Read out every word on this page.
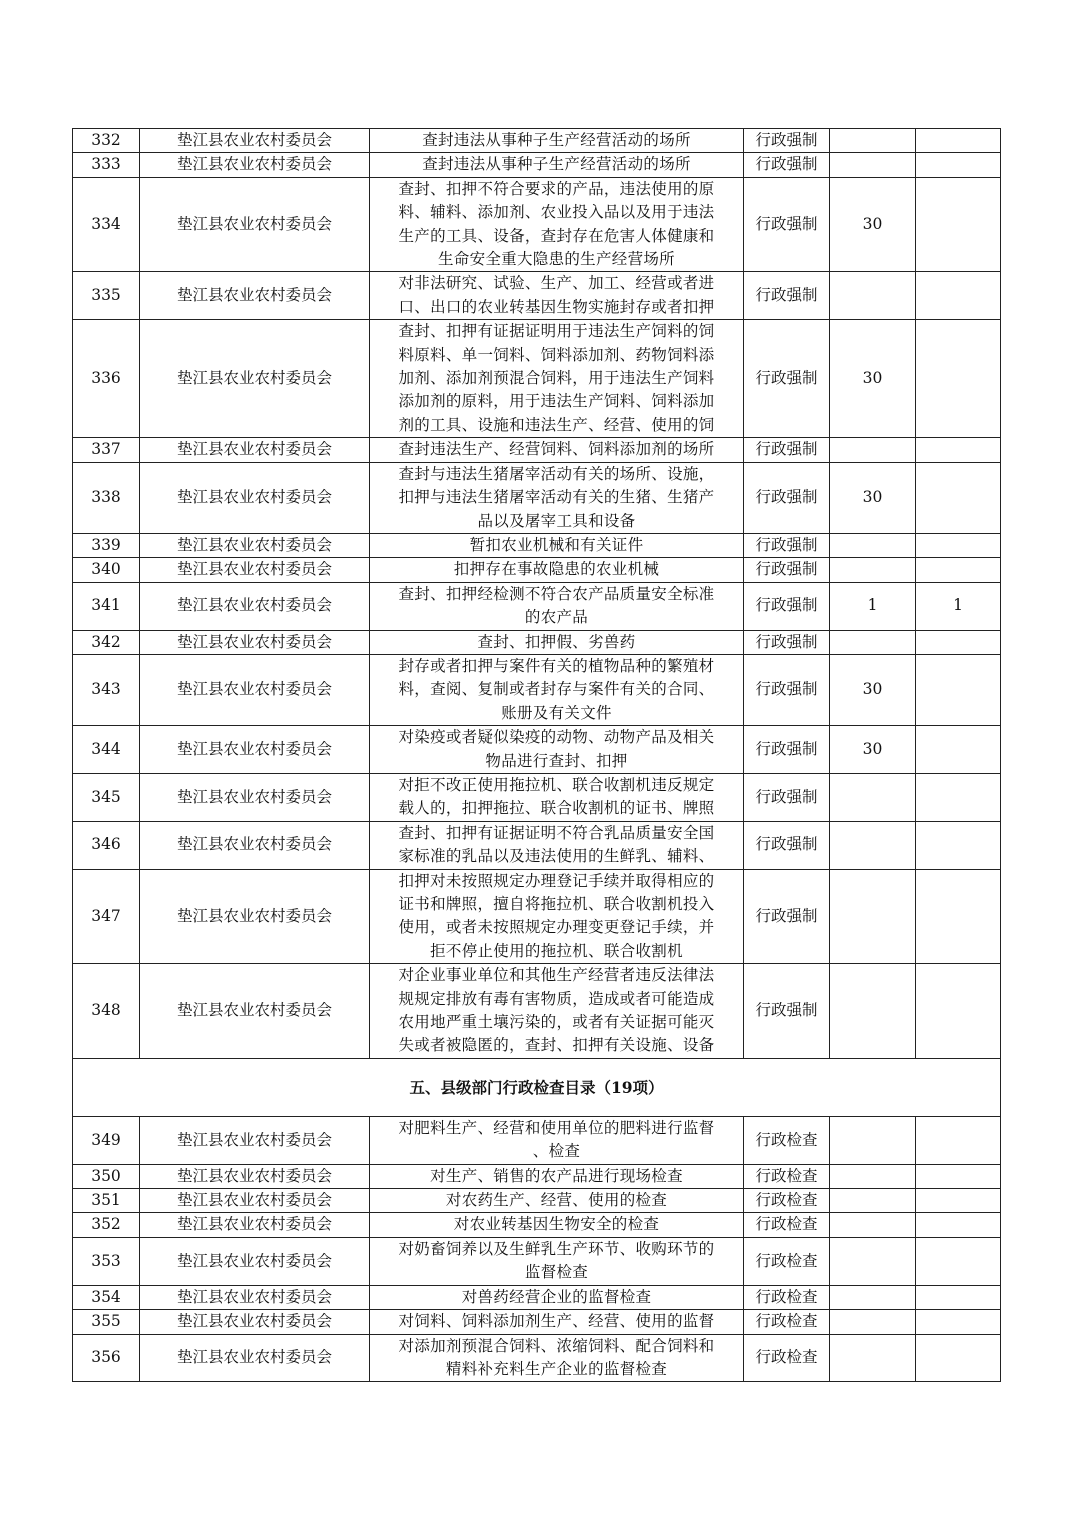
332	垫江县农业农村委员会	查封违法从事种子生产经营活动的场所	行政强制		
333	垫江县农业农村委员会	查封违法从事种子生产经营活动的场所	行政强制		
334	垫江县农业农村委员会	查封、扣押不符合要求的产品，违法使用的原
料、辅料、添加剂、农业投入品以及用于违法
生产的工具、设备，查封存在危害人体健康和
生命安全重大隐患的生产经营场所	行政强制	30	
335	垫江县农业农村委员会	对非法研究、试验、生产、加工、经营或者进
口、出口的农业转基因生物实施封存或者扣押	行政强制		
336	垫江县农业农村委员会	查封、扣押有证据证明用于违法生产饲料的饲
料原料、单一饲料、饲料添加剂、药物饲料添
加剂、添加剂预混合饲料，用于违法生产饲料
添加剂的原料，用于违法生产饲料、饲料添加
剂的工具、设施和违法生产、经营、使用的饲	行政强制	30	
337	垫江县农业农村委员会	查封违法生产、经营饲料、饲料添加剂的场所	行政强制		
338	垫江县农业农村委员会	查封与违法生猪屠宰活动有关的场所、设施，
扣押与违法生猪屠宰活动有关的生猪、生猪产
品以及屠宰工具和设备	行政强制	30	
339	垫江县农业农村委员会	暂扣农业机械和有关证件	行政强制		
340	垫江县农业农村委员会	扣押存在事故隐患的农业机械	行政强制		
341	垫江县农业农村委员会	查封、扣押经检测不符合农产品质量安全标准
的农产品	行政强制	1	1
342	垫江县农业农村委员会	查封、扣押假、劣兽药	行政强制		
343	垫江县农业农村委员会	封存或者扣押与案件有关的植物品种的繁殖材
料，查阅、复制或者封存与案件有关的合同、
账册及有关文件	行政强制	30	
344	垫江县农业农村委员会	对染疫或者疑似染疫的动物、动物产品及相关
物品进行查封、扣押	行政强制	30	
345	垫江县农业农村委员会	对拒不改正使用拖拉机、联合收割机违反规定
载人的，扣押拖拉、联合收割机的证书、牌照	行政强制		
346	垫江县农业农村委员会	查封、扣押有证据证明不符合乳品质量安全国
家标准的乳品以及违法使用的生鲜乳、辅料、	行政强制		
347	垫江县农业农村委员会	扣押对未按照规定办理登记手续并取得相应的
证书和牌照，擅自将拖拉机、联合收割机投入
使用，或者未按照规定办理变更登记手续，并
拒不停止使用的拖拉机、联合收割机	行政强制		
348	垫江县农业农村委员会	对企业事业单位和其他生产经营者违反法律法
规规定排放有毒有害物质，造成或者可能造成
农用地严重土壤污染的，或者有关证据可能灭
失或者被隐匿的，查封、扣押有关设施、设备	行政强制		
五、县级部门行政检查目录（19项）					
349	垫江县农业农村委员会	对肥料生产、经营和使用单位的肥料进行监督
、检查	行政检查		
350	垫江县农业农村委员会	对生产、销售的农产品进行现场检查	行政检查		
351	垫江县农业农村委员会	对农药生产、经营、使用的检查	行政检查		
352	垫江县农业农村委员会	对农业转基因生物安全的检查	行政检查		
353	垫江县农业农村委员会	对奶畜饲养以及生鲜乳生产环节、收购环节的
监督检查	行政检查		
354	垫江县农业农村委员会	对兽药经营企业的监督检查	行政检查		
355	垫江县农业农村委员会	对饲料、饲料添加剂生产、经营、使用的监督	行政检查		
356	垫江县农业农村委员会	对添加剂预混合饲料、浓缩饲料、配合饲料和
精料补充料生产企业的监督检查	行政检查		
